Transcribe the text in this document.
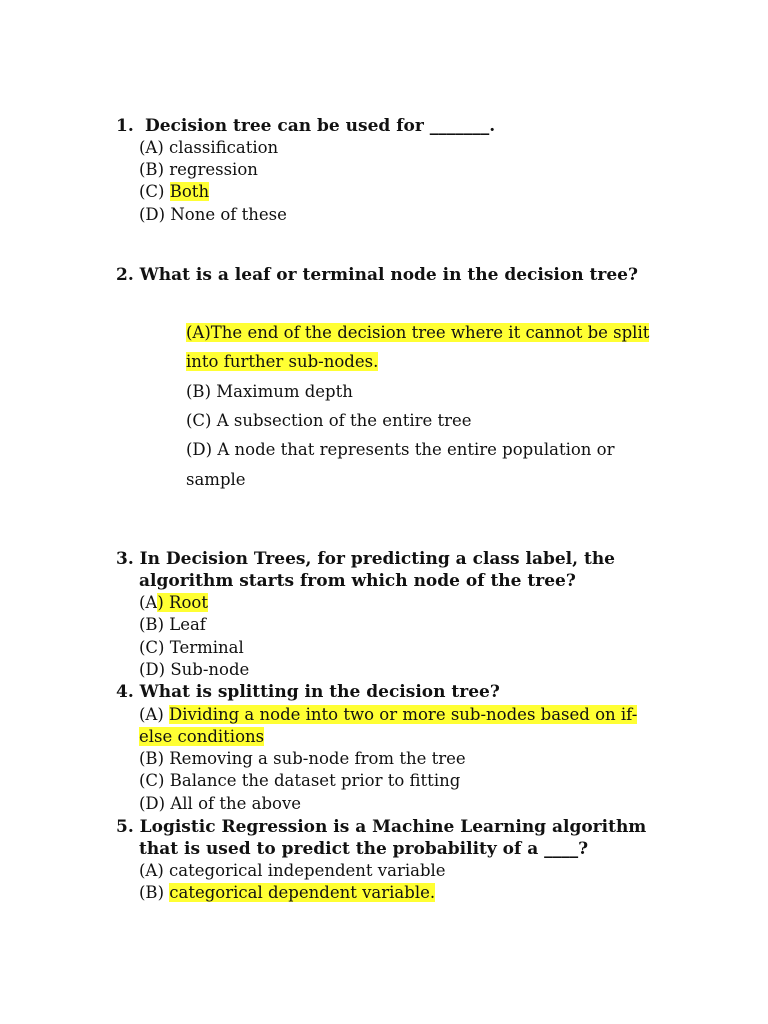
1. Decision tree can be used for _______.

(A) classification

(B) regression

(C) Both

(D) None of these

2. What is a leaf or terminal node in the decision tree?

(A)The end of the decision tree where it cannot be split

into further sub-nodes.

(B) Maximum depth

(C) A subsection of the entire tree

(D) A node that represents the entire population or

sample

3. In Decision Trees, for predicting a class label, the

algorithm starts from which node of the tree?

(A) Root

(B) Leaf

(C) Terminal

(D) Sub-node

4. What is splitting in the decision tree?

(A) Dividing a node into two or more sub-nodes based on if-

else conditions

(B) Removing a sub-node from the tree

(C) Balance the dataset prior to fitting

(D) All of the above

5. Logistic Regression is a Machine Learning algorithm

that is used to predict the probability of a ____?

(A) categorical independent variable

(B) categorical dependent variable.
